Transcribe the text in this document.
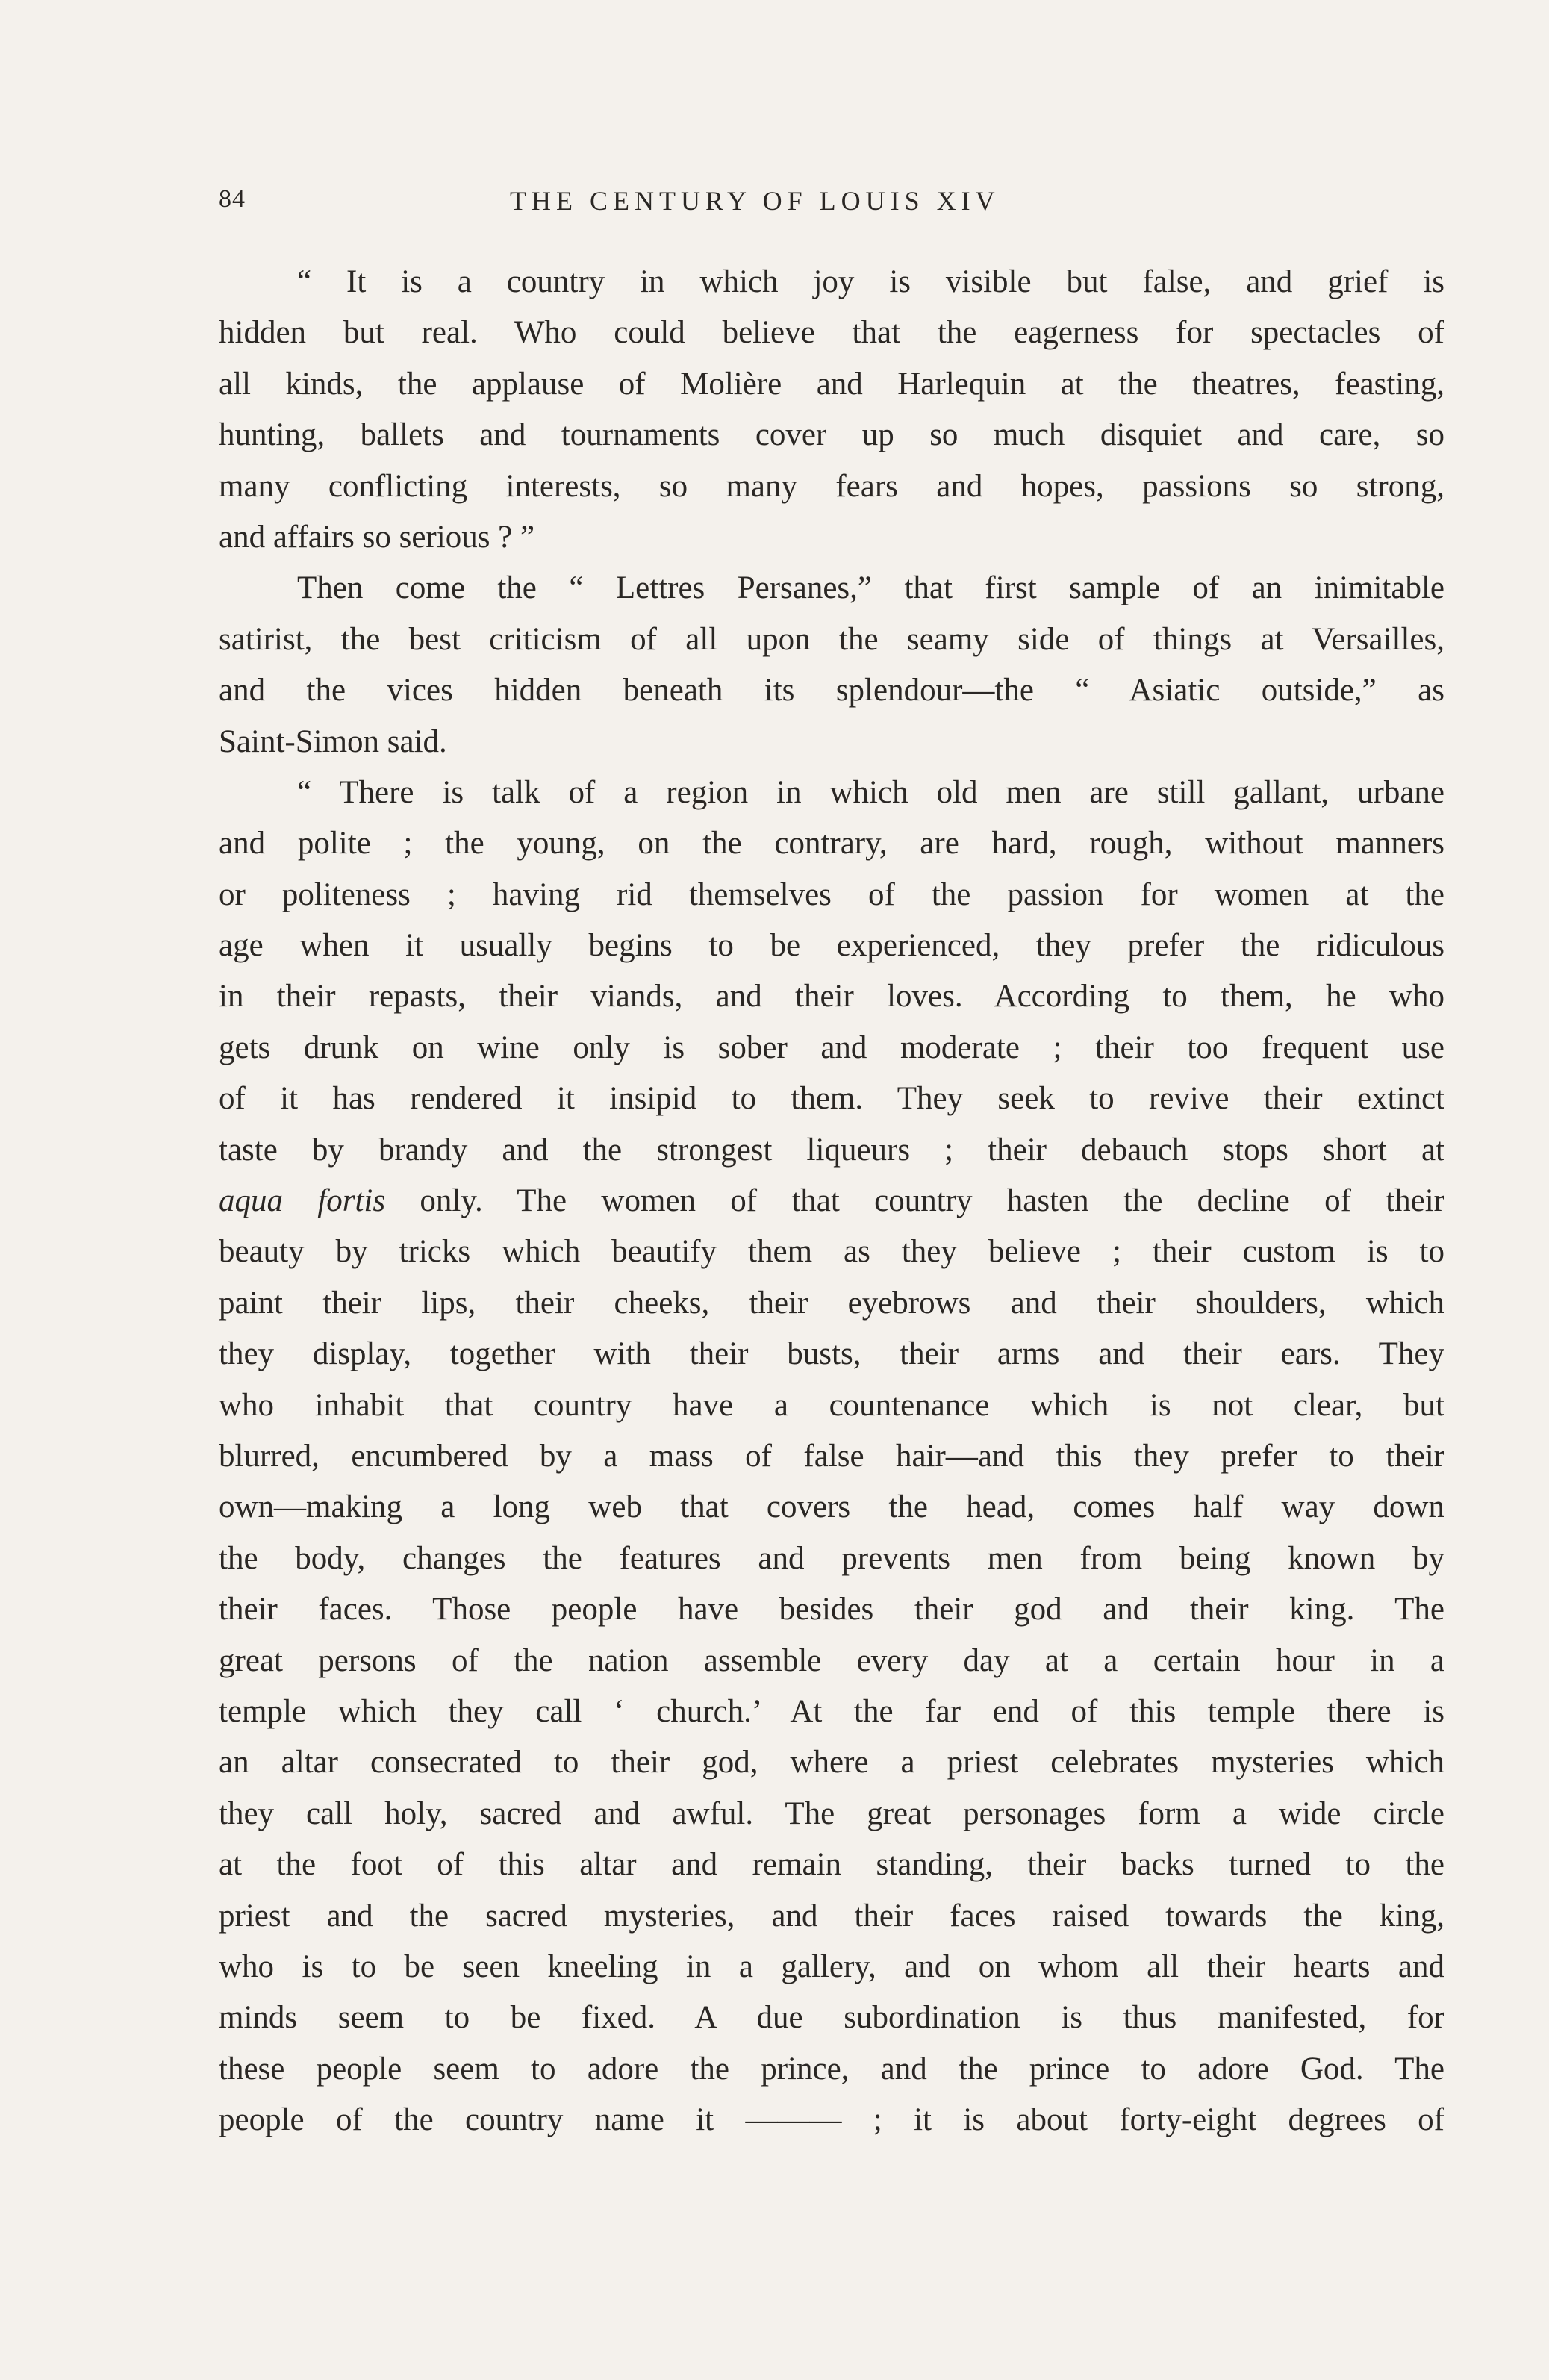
84	THE CENTURY OF LOUIS XIV
“ It is a country in which joy is visible but false, and grief is
hidden but real. Who could believe that the eagerness for spectacles of
all kinds, the applause of Molière and Harlequin at the theatres, feasting,
hunting, ballets and tournaments cover up so much disquiet and care, so
many conflicting interests, so many fears and hopes, passions so strong,
and affairs so serious ? ”
Then come the “ Lettres Persanes,” that first sample of an inimitable
satirist, the best criticism of all upon the seamy side of things at Versailles,
and the vices hidden beneath its splendour—the “ Asiatic outside,” as
Saint-Simon said.
“ There is talk of a region in which old men are still gallant, urbane
and polite ; the young, on the contrary, are hard, rough, without manners
or politeness ; having rid themselves of the passion for women at the
age when it usually begins to be experienced, they prefer the ridiculous
in their repasts, their viands, and their loves. According to them, he who
gets drunk on wine only is sober and moderate ; their too frequent use
of it has rendered it insipid to them. They seek to revive their extinct
taste by brandy and the strongest liqueurs ; their debauch stops short at
aqua fortis only. The women of that country hasten the decline of their
beauty by tricks which beautify them as they believe ; their custom is to
paint their lips, their cheeks, their eyebrows and their shoulders, which
they display, together with their busts, their arms and their ears. They
who inhabit that country have a countenance which is not clear, but
blurred, encumbered by a mass of false hair—and this they prefer to their
own—making a long web that covers the head, comes half way down
the body, changes the features and prevents men from being known by
their faces. Those people have besides their god and their king. The
great persons of the nation assemble every day at a certain hour in a
temple which they call ‘ church.’ At the far end of this temple there is
an altar consecrated to their god, where a priest celebrates mysteries which
they call holy, sacred and awful. The great personages form a wide circle
at the foot of this altar and remain standing, their backs turned to the
priest and the sacred mysteries, and their faces raised towards the king,
who is to be seen kneeling in a gallery, and on whom all their hearts and
minds seem to be fixed. A due subordination is thus manifested, for
these people seem to adore the prince, and the prince to adore God. The
people of the country name it ——— ; it is about forty-eight degrees of
